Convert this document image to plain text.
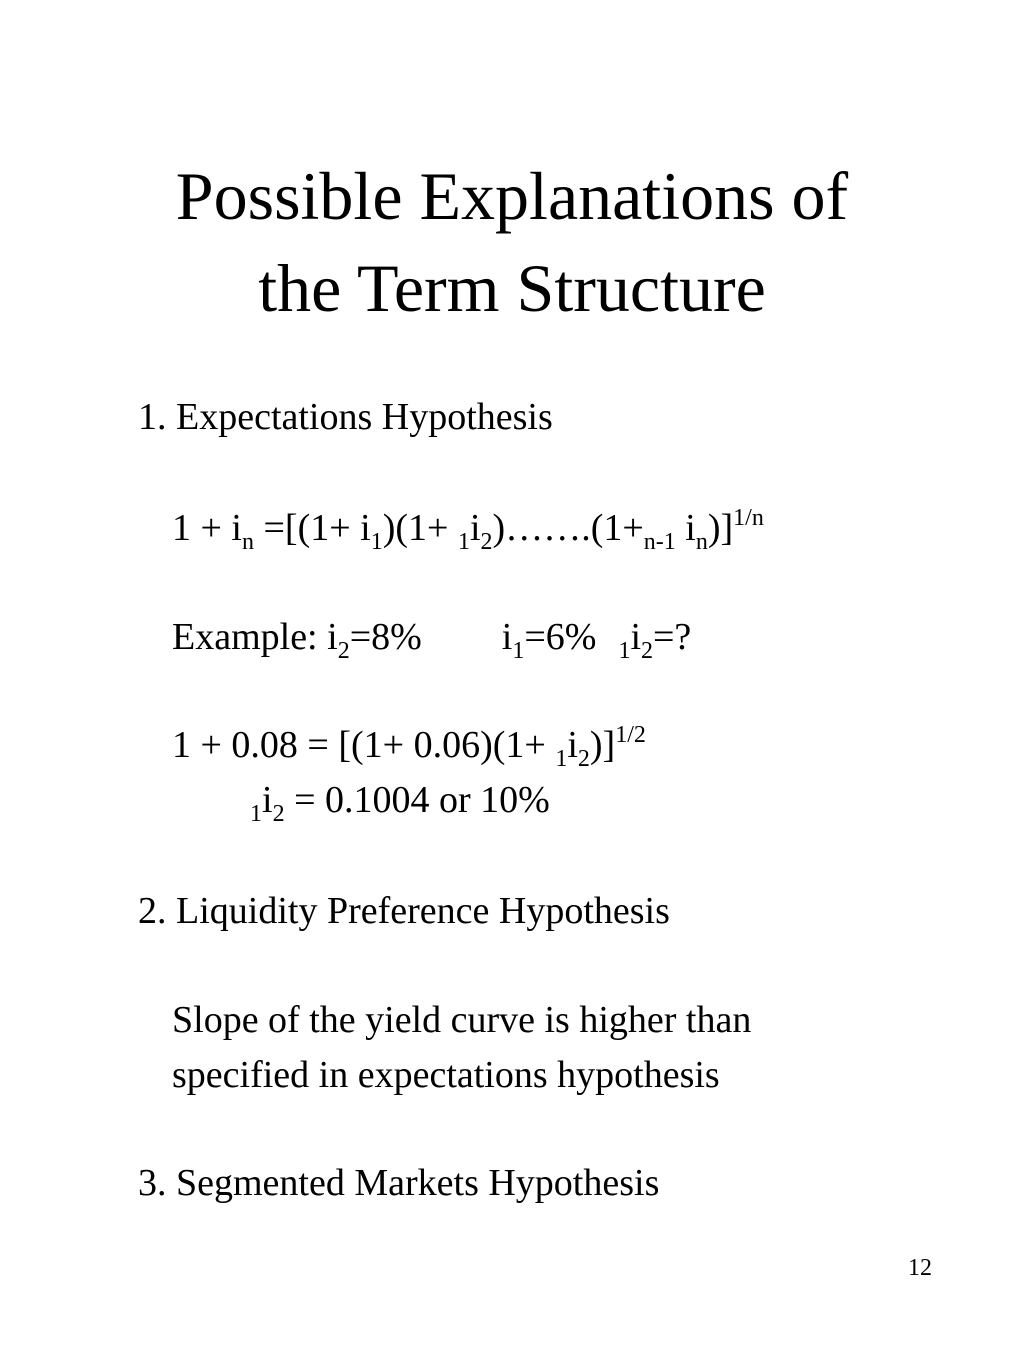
Possible Explanations of
the Term Structure
1. Expectations Hypothesis
$1 + i_n =[(1+ i_1)(1+$ $_1i_2)\dots\dots.(1+_{n-1}$ $i_n)]^{1/n}$
Example: $i_2=8\%$ $i_1=6\%$ $_1i_2=$?
$1 + 0.08 = [(1+ 0.06)(1+ _1i_2)]^{1/2}$
$_1i_2 = 0.1004$ or 10%
2. Liquidity Preference Hypothesis
Slope of the yield curve is higher than
specified in expectations hypothesis
3. Segmented Markets Hypothesis
12
